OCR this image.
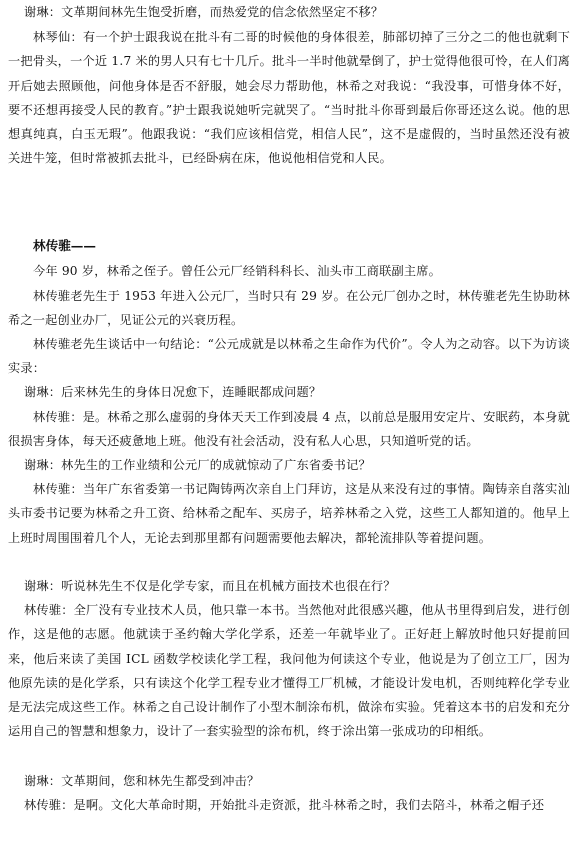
谢琳：文革期间林先生饱受折磨，而热爱党的信念依然坚定不移？

林琴仙：有一个护士跟我说在批斗有二哥的时候他的身体很差，肺部切掉了三分之二的他也就剩下一把骨头，一个近 1.7 米的男人只有七十几斤。批斗一半时他就晕倒了，护士觉得他很可怜，在人们离开后她去照顾他，问他身体是否不舒服，她会尽力帮助他，林希之对我说：“我没事，可惜身体不好，要不还想再接受人民的教育。”护士跟我说她听完就哭了。“当时批斗你哥到最后你哥还这么说。他的思想真纯真，白玉无瑕”。他跟我说：“我们应该相信党，相信人民”，这不是虚假的，当时虽然还没有被关进牛笼，但时常被抓去批斗，已经卧病在床，他说他相信党和人民。

林传骓——

今年 90 岁，林希之侄子。曾任公元厂经销科科长、汕头市工商联副主席。

林传骓老先生于 1953 年进入公元厂，当时只有 29 岁。在公元厂创办之时，林传骓老先生协助林希之一起创业办厂，见证公元的兴衰历程。

林传骓老先生谈话中一句结论：“公元成就是以林希之生命作为代价”。令人为之动容。以下为访谈实录：

谢琳：后来林先生的身体日况愈下，连睡眠都成问题？

林传骓：是。林希之那么虚弱的身体天天工作到凌晨 4 点，以前总是服用安定片、安眠药，本身就很损害身体，每天还疲惫地上班。他没有社会活动，没有私人心思，只知道听党的话。

谢琳：林先生的工作业绩和公元厂的成就惊动了广东省委书记？

林传骓：当年广东省委第一书记陶铸两次亲自上门拜访，这是从来没有过的事情。陶铸亲自落实汕头市委书记要为林希之升工资、给林希之配车、买房子，培养林希之入党，这些工人都知道的。他早上上班时周围围着几个人，无论去到那里都有问题需要他去解决，都轮流排队等着提问题。

谢琳：听说林先生不仅是化学专家，而且在机械方面技术也很在行？

林传骓：全厂没有专业技术人员，他只靠一本书。当然他对此很感兴趣，他从书里得到启发，进行创作，这是他的志愿。他就读于圣约翰大学化学系，还差一年就毕业了。正好赶上解放时他只好提前回来，他后来读了美国 ICL 函数学校读化学工程，我问他为何读这个专业，他说是为了创立工厂，因为他原先读的是化学系，只有读这个化学工程专业才懂得工厂机械，才能设计发电机，否则纯粹化学专业是无法完成这些工作。林希之自己设计制作了小型木制涂布机，做涂布实验。凭着这本书的启发和充分运用自己的智慧和想象力，设计了一套实验型的涂布机，终于涂出第一张成功的印相纸。

谢琳：文革期间，您和林先生都受到冲击？

林传骓：是啊。文化大革命时期，开始批斗走资派，批斗林希之时，我们去陪斗，林希之帽子还
